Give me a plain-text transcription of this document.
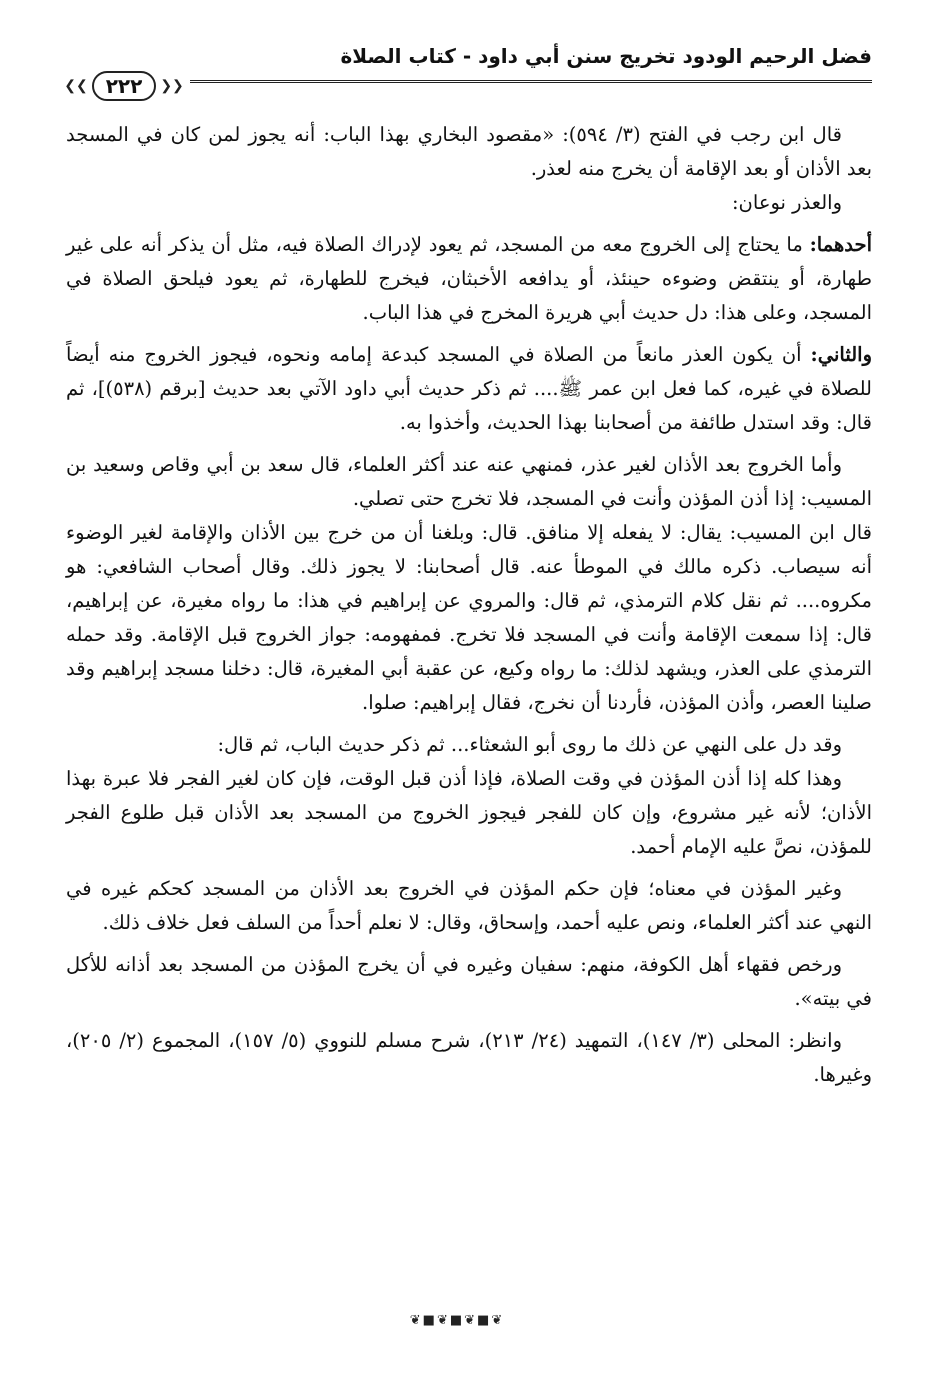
فضل الرحيم الودود تخريج سنن أبي داود - كتاب الصلاة
❮❮ ٢٢٢	❯❯

قال ابن رجب في الفتح (٣/ ٥٩٤): «مقصود البخاري بهذا الباب: أنه يجوز لمن كان في المسجد بعد الأذان أو بعد الإقامة أن يخرج منه لعذر.

والعذر نوعان:

أحدهما: ما يحتاج إلى الخروج معه من المسجد، ثم يعود لإدراك الصلاة فيه، مثل أن يذكر أنه على غير طهارة، أو ينتقض وضوءه حينئذ، أو يدافعه الأخبثان، فيخرج للطهارة، ثم يعود فيلحق الصلاة في المسجد، وعلى هذا: دل حديث أبي هريرة المخرج في هذا الباب.

والثاني: أن يكون العذر مانعاً من الصلاة في المسجد كبدعة إمامه ونحوه، فيجوز الخروج منه أيضاً للصلاة في غيره، كما فعل ابن عمر ﷺ.... ثم ذكر حديث أبي داود الآتي بعد حديث [برقم (٥٣٨)]، ثم قال: وقد استدل طائفة من أصحابنا بهذا الحديث، وأخذوا به.

وأما الخروج بعد الأذان لغير عذر، فمنهي عنه عند أكثر العلماء، قال سعد بن أبي وقاص وسعيد بن المسيب: إذا أذن المؤذن وأنت في المسجد، فلا تخرج حتى تصلي.

قال ابن المسيب: يقال: لا يفعله إلا منافق. قال: وبلغنا أن من خرج بين الأذان والإقامة لغير الوضوء أنه سيصاب. ذكره مالك في الموطأ عنه. قال أصحابنا: لا يجوز ذلك. وقال أصحاب الشافعي: هو مكروه.... ثم نقل كلام الترمذي، ثم قال: والمروي عن إبراهيم في هذا: ما رواه مغيرة، عن إبراهيم، قال: إذا سمعت الإقامة وأنت في المسجد فلا تخرج. فمفهومه: جواز الخروج قبل الإقامة. وقد حمله الترمذي على العذر، ويشهد لذلك: ما رواه وكيع، عن عقبة أبي المغيرة، قال: دخلنا مسجد إبراهيم وقد صلينا العصر، وأذن المؤذن، فأردنا أن نخرج، فقال إبراهيم: صلوا.

وقد دل على النهي عن ذلك ما روى أبو الشعثاء... ثم ذكر حديث الباب، ثم قال:

وهذا كله إذا أذن المؤذن في وقت الصلاة، فإذا أذن قبل الوقت، فإن كان لغير الفجر فلا عبرة بهذا الأذان؛ لأنه غير مشروع، وإن كان للفجر فيجوز الخروج من المسجد بعد الأذان قبل طلوع الفجر للمؤذن، نصَّ عليه الإمام أحمد.

وغير المؤذن في معناه؛ فإن حكم المؤذن في الخروج بعد الأذان من المسجد كحكم غيره في النهي عند أكثر العلماء، ونص عليه أحمد، وإسحاق، وقال: لا نعلم أحداً من السلف فعل خلاف ذلك.

ورخص فقهاء أهل الكوفة، منهم: سفيان وغيره في أن يخرج المؤذن من المسجد بعد أذانه للأكل في بيته».

وانظر: المحلى (٣/ ١٤٧)، التمهيد (٢٤/ ٢١٣)، شرح مسلم للنووي (٥/ ١٥٧)، المجموع (٢/ ٢٠٥)، وغيرها.

❦ ■ ❦ ■ ❦ ■ ❦
